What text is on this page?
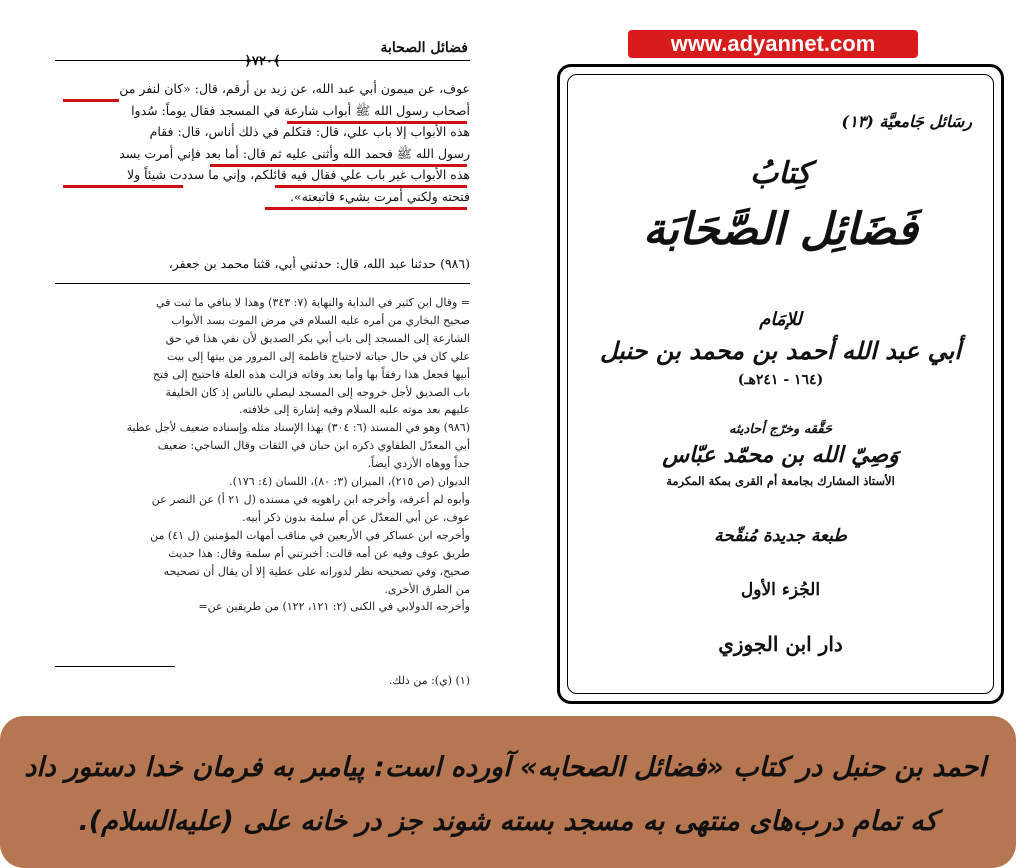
www.adyannet.com
فضائل الصحابة
﴾٧٢٠﴿
عوف، عن ميمون أبي عبد الله، عن زيد بن أرقم، قال: «كان لنفر من
أصحاب رسول الله ﷺ أبواب شارعة في المسجد فقال يوماً: سُدوا
هذه الأبواب إلا باب علي، قال: فتكلم في ذلك أناس، قال: فقام
رسول الله ﷺ فحمد الله وأثنى عليه ثم قال: أما بعد فإني أمرت بسد
هذه الأبواب غير باب علي فقال فيه قائلكم، وإني ما سددت شيئاً ولا
فتحته ولكني أمرت بشيء فاتبعته».
(٩٨٦) حدثنا عبد الله، قال: حدثني أبي، قثنا محمد بن جعفر،
= وقال ابن كثير في البداية والنهاية (٧: ٣٤٣) وهذا لا ينافي ما ثبت في
صحيح البخاري من أمره عليه السلام في مرض الموت بسد الأبواب
الشارعة إلى المسجد إلى باب أبي بكر الصديق لأن نفي هذا في حق
علي كان في حال حياته لاحتياج فاطمة إلى المرور من بيتها إلى بيت
أبيها فجعل هذا رفقاً بها وأما بعد وفاته فزالت هذه العلة فاحتيج إلى فتح
باب الصديق لأجل خروجه إلى المسجد ليصلي بالناس إذ كان الخليفة
عليهم بعد موته عليه السلام وفيه إشارة إلى خلافته.
(٩٨٦) وهو في المسند (٦: ٣٠٤) بهذا الإسناد مثله وإسناده ضعيف لأجل عطية
أبي المعدّل الطفاوي ذكره ابن حبان في الثقات وقال الساجي: ضعيف
جداً ووهاه الأزدي أيضاً.
الديوان (ص ٢١٥)، الميزان (٣: ٨٠)، اللسان (٤: ١٧٦).
وأبوه لم أعرفه، وأخرجه ابن راهويه في مسنده (ل ٢١ أ) عن النضر عن
عوف، عن أبي المعدّل عن أم سلمة بدون ذكر أبيه.
وأخرجه ابن عساكر في الأربعين في مناقب أمهات المؤمنين (ل ٤١) من
طريق عوف وفيه عن أمه قالت: أخبرتني أم سلمة وقال: هذا حديث
صحيح، وفي تصحيحه نظر لدورانه على عطية إلا أن يقال أن تصحيحه
من الطرق الأخرى.
وأخرجه الدولابي في الكنى (٢: ١٢١، ١٢٢) من طريقين عن=
(١) (ي): من ذلك.
رسَائل جَامعيَّة (١٣)
كِتابُ
فَضَائِل الصَّحَابَة
للإمَام
أبي عبد الله أحمد بن محمد بن حنبل
(١٦٤ - ٢٤١هـ)
حَقَّقه وخرّج أحاديثه
وَصِيّ الله بن محمّد عبّاس
الأستاذ المشارك بجامعة أم القرى بمكة المكرمة
طبعة جديدة مُنقّحة
الجُزء الأول
دار ابن الجوزي
احمد بن حنبل در کتاب «فضائل الصحابه» آورده است: پیامبر به فرمان خدا دستور داد
که تمام درب‌های منتهی به مسجد بسته شوند جز در خانه علی (علیه‌السلام).
